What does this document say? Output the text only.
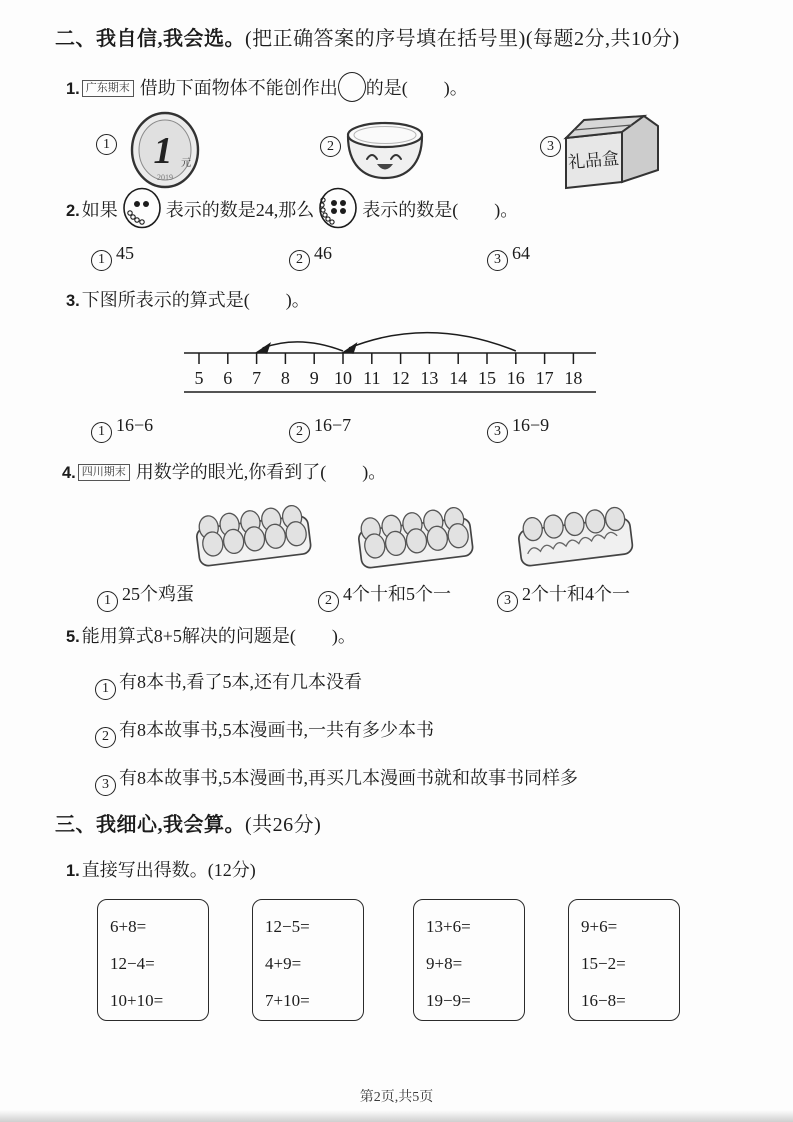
二、我自信,我会选。(把正确答案的序号填在括号里)(每题2分,共10分)
1. 广东期末 借助下面物体不能创作出 的是(　　)。
1	2	3
1 元
2019
礼品盒
2. 如果	表示的数是24,那么	表示的数是(　　)。
1 45	2 46	3 64
3. 下图所表示的算式是(　　)。
5 6 7 8 9 10 11 12 13 14 15 16 17 18
1 16−6	2 16−7	3 16−9
4. 四川期末 用数学的眼光,你看到了(　　)。
1 25个鸡蛋	2 4个十和5个一	3 2个十和4个一
5. 能用算式8+5解决的问题是(　　)。
1 有8本书,看了5本,还有几本没看
2 有8本故事书,5本漫画书,一共有多少本书
3 有8本故事书,5本漫画书,再买几本漫画书就和故事书同样多
三、我细心,我会算。(共26分)
1. 直接写出得数。(12分)
6+8=
12−4=
10+10=
12−5=
4+9=
7+10=
13+6=
9+8=
19−9=
9+6=
15−2=
16−8=
第2页,共5页
